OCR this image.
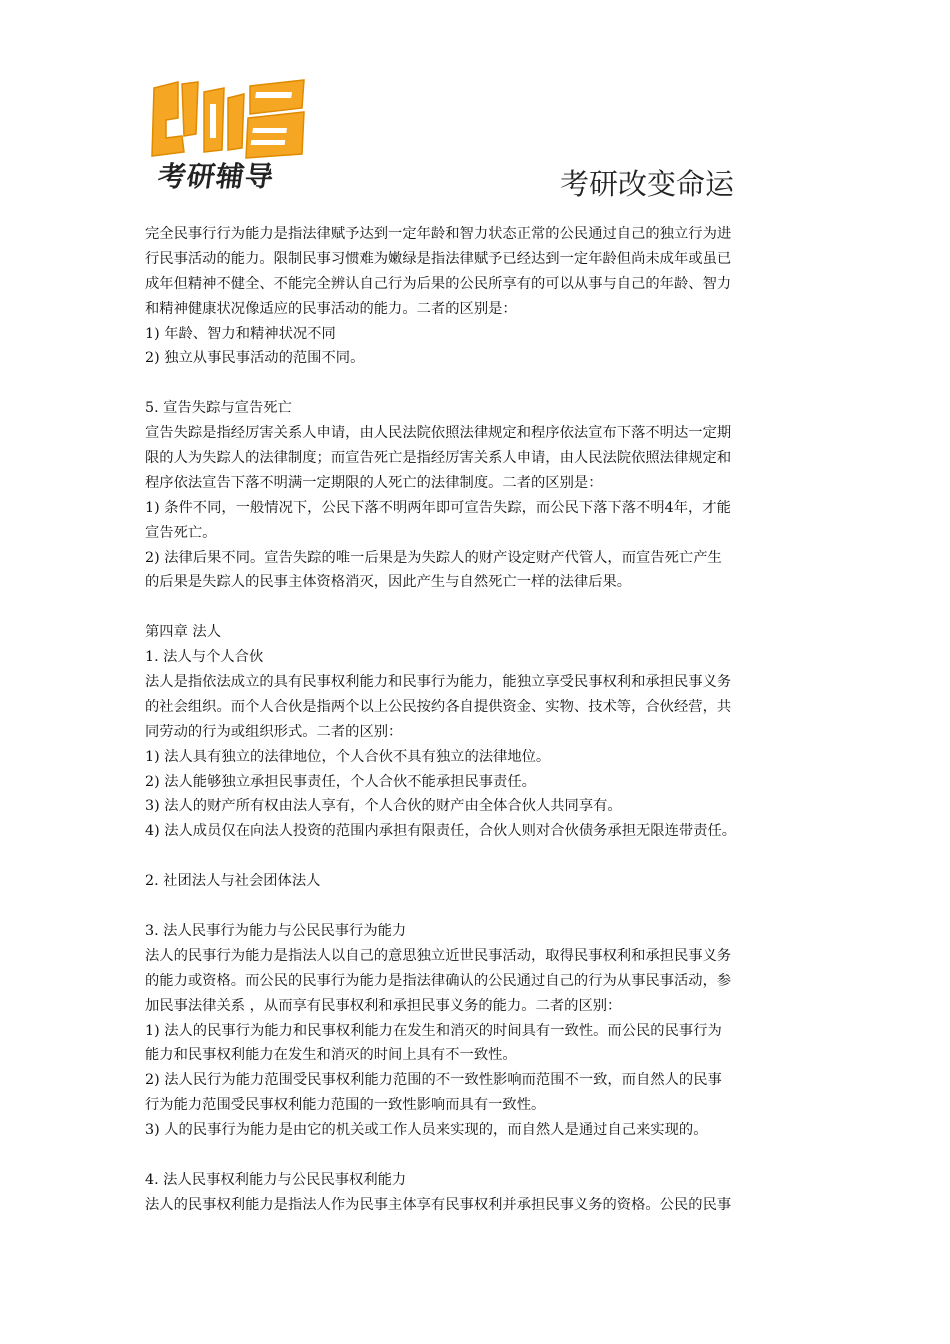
凯程
考研辅导	考研改变命运
完全民事行行为能力是指法律赋予达到一定年龄和智力状态正常的公民通过自己的独立行为进
行民事活动的能力。限制民事习惯难为嫩绿是指法律赋予已经达到一定年龄但尚未成年或虽已
成年但精神不健全、不能完全辨认自己行为后果的公民所享有的可以从事与自己的年龄、智力
和精神健康状况像适应的民事活动的能力。二者的区别是：
1) 年龄、智力和精神状况不同
2) 独立从事民事活动的范围不同。
5. 宣告失踪与宣告死亡
宣告失踪是指经厉害关系人申请，由人民法院依照法律规定和程序依法宣布下落不明达一定期
限的人为失踪人的法律制度；而宣告死亡是指经厉害关系人申请，由人民法院依照法律规定和
程序依法宣告下落不明满一定期限的人死亡的法律制度。二者的区别是：
1) 条件不同，一般情况下，公民下落不明两年即可宣告失踪，而公民下落下落不明4年，才能
宣告死亡。
2) 法律后果不同。宣告失踪的唯一后果是为失踪人的财产设定财产代管人，而宣告死亡产生
的后果是失踪人的民事主体资格消灭，因此产生与自然死亡一样的法律后果。
第四章 法人
1. 法人与个人合伙
法人是指依法成立的具有民事权利能力和民事行为能力，能独立享受民事权利和承担民事义务
的社会组织。而个人合伙是指两个以上公民按约各自提供资金、实物、技术等，合伙经营，共
同劳动的行为或组织形式。二者的区别：
1) 法人具有独立的法律地位，个人合伙不具有独立的法律地位。
2) 法人能够独立承担民事责任，个人合伙不能承担民事责任。
3) 法人的财产所有权由法人享有，个人合伙的财产由全体合伙人共同享有。
4) 法人成员仅在向法人投资的范围内承担有限责任，合伙人则对合伙债务承担无限连带责任。
2. 社团法人与社会团体法人
3. 法人民事行为能力与公民民事行为能力
法人的民事行为能力是指法人以自己的意思独立近世民事活动，取得民事权利和承担民事义务
的能力或资格。而公民的民事行为能力是指法律确认的公民通过自己的行为从事民事活动，参
加民事法律关系 ，从而享有民事权利和承担民事义务的能力。二者的区别：
1) 法人的民事行为能力和民事权利能力在发生和消灭的时间具有一致性。而公民的民事行为
能力和民事权利能力在发生和消灭的时间上具有不一致性。
2) 法人民行为能力范围受民事权利能力范围的不一致性影响而范围不一致，而自然人的民事
行为能力范围受民事权利能力范围的一致性影响而具有一致性。
3) 人的民事行为能力是由它的机关或工作人员来实现的，而自然人是通过自己来实现的。
4. 法人民事权利能力与公民民事权利能力
法人的民事权利能力是指法人作为民事主体享有民事权利并承担民事义务的资格。公民的民事
